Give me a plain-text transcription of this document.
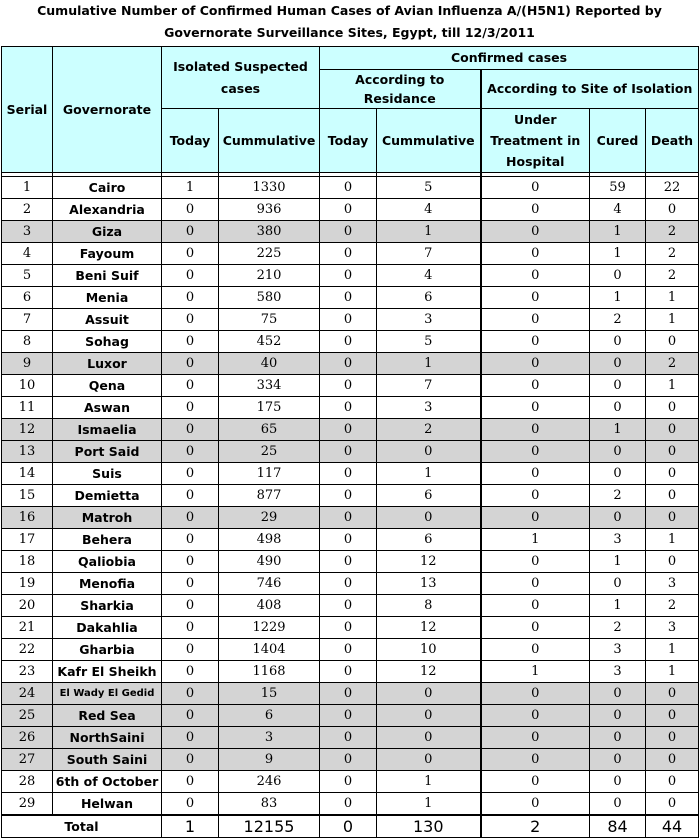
Cumulative Number of Confirmed Human Cases of Avian Influenza A/(H5N1) Reported by
Governorate Surveillance Sites, Egypt, till 12/3/2011
Serial	Governorate	Isolated Suspected cases		Confirmed cases				
				According to Residance		According to Site of Isolation		
		Today	Cummulative	Today	Cummulative	Under Treatment in Hospital	Cured	Death

1	Cairo	1	1330	0	5	0	59	22
2	Alexandria	0	936	0	4	0	4	0
3	Giza	0	380	0	1	0	1	2
4	Fayoum	0	225	0	7	0	1	2
5	Beni Suif	0	210	0	4	0	0	2
6	Menia	0	580	0	6	0	1	1
7	Assuit	0	75	0	3	0	2	1
8	Sohag	0	452	0	5	0	0	0
9	Luxor	0	40	0	1	0	0	2
10	Qena	0	334	0	7	0	0	1
11	Aswan	0	175	0	3	0	0	0
12	Ismaelia	0	65	0	2	0	1	0
13	Port Said	0	25	0	0	0	0	0
14	Suis	0	117	0	1	0	0	0
15	Demietta	0	877	0	6	0	2	0
16	Matroh	0	29	0	0	0	0	0
17	Behera	0	498	0	6	1	3	1
18	Qaliobia	0	490	0	12	0	1	0
19	Menofia	0	746	0	13	0	0	3
20	Sharkia	0	408	0	8	0	1	2
21	Dakahlia	0	1229	0	12	0	2	3
22	Gharbia	0	1404	0	10	0	3	1
23	Kafr El Sheikh	0	1168	0	12	1	3	1
24	El Wady El Gedid	0	15	0	0	0	0	0
25	Red Sea	0	6	0	0	0	0	0
26	NorthSaini	0	3	0	0	0	0	0
27	South Saini	0	9	0	0	0	0	0
28	6th of October	0	246	0	1	0	0	0
29	Helwan	0	83	0	1	0	0	0
Total		1	12155	0	130	2	84	44
